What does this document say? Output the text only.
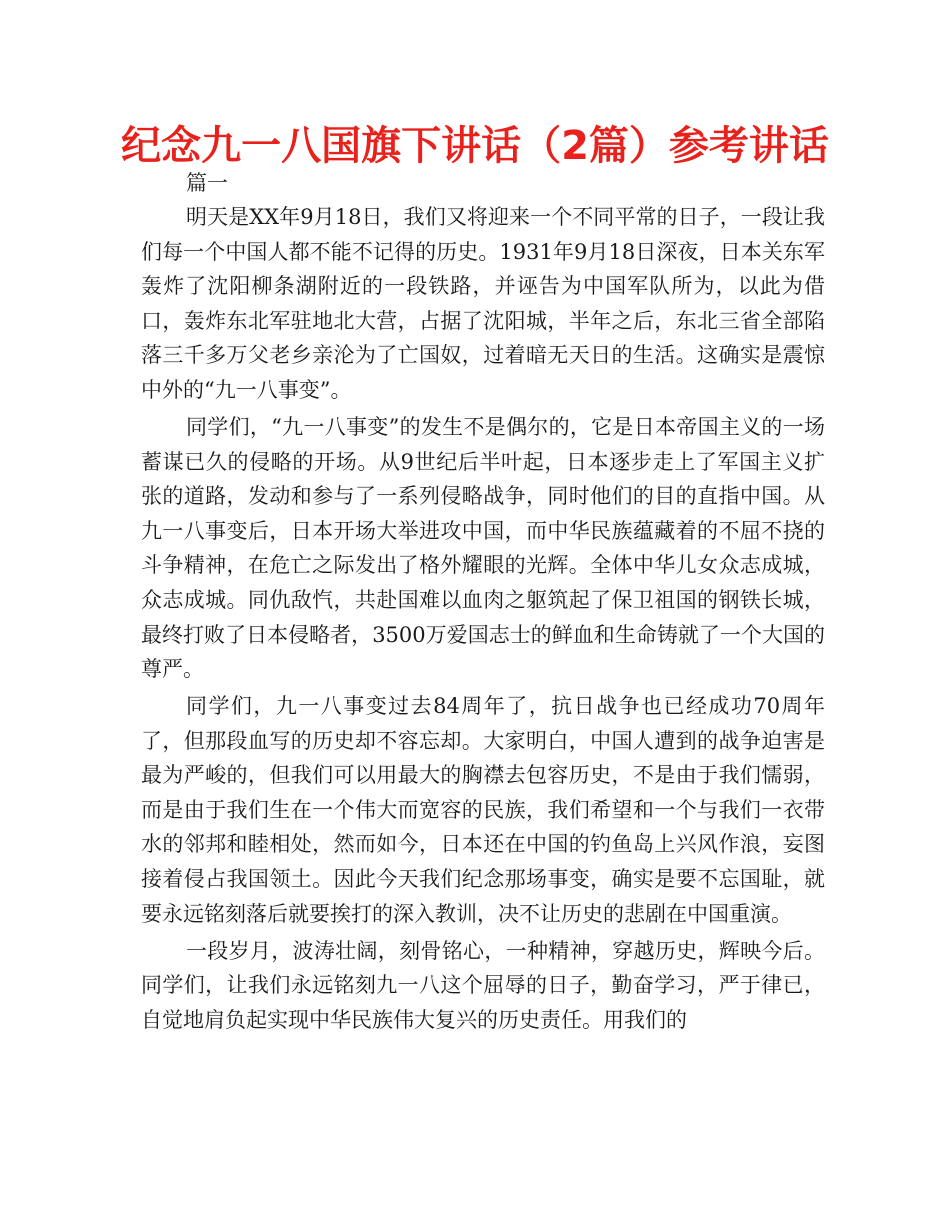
纪念九一八国旗下讲话（2篇）参考讲话
篇一

明天是XX年9月18日，我们又将迎来一个不同平常的日子，一段让我们每一个中国人都不能不记得的历史。1931年9月18日深夜，日本关东军轰炸了沈阳柳条湖附近的一段铁路，并诬告为中国军队所为，以此为借口，轰炸东北军驻地北大营，占据了沈阳城，半年之后，东北三省全部陷落三千多万父老乡亲沦为了亡国奴，过着暗无天日的生活。这确实是震惊中外的“九一八事变”。

同学们，“九一八事变”的发生不是偶尔的，它是日本帝国主义的一场蓄谋已久的侵略的开场。从9世纪后半叶起，日本逐步走上了军国主义扩张的道路，发动和参与了一系列侵略战争，同时他们的目的直指中国。从九一八事变后，日本开场大举进攻中国，而中华民族蕴藏着的不屈不挠的斗争精神，在危亡之际发出了格外耀眼的光辉。全体中华儿女众志成城，众志成城。同仇敌忾，共赴国难以血肉之躯筑起了保卫祖国的钢铁长城，最终打败了日本侵略者，3500万爱国志士的鲜血和生命铸就了一个大国的尊严。

同学们，九一八事变过去84周年了，抗日战争也已经成功70周年了，但那段血写的历史却不容忘却。大家明白，中国人遭到的战争迫害是最为严峻的，但我们可以用最大的胸襟去包容历史，不是由于我们懦弱，而是由于我们生在一个伟大而宽容的民族，我们希望和一个与我们一衣带水的邻邦和睦相处，然而如今，日本还在中国的钓鱼岛上兴风作浪，妄图接着侵占我国领土。因此今天我们纪念那场事变，确实是要不忘国耻，就要永远铭刻落后就要挨打的深入教训，决不让历史的悲剧在中国重演。

一段岁月，波涛壮阔，刻骨铭心，一种精神，穿越历史，辉映今后。同学们，让我们永远铭刻九一八这个屈辱的日子，勤奋学习，严于律已，自觉地肩负起实现中华民族伟大复兴的历史责任。用我们的
